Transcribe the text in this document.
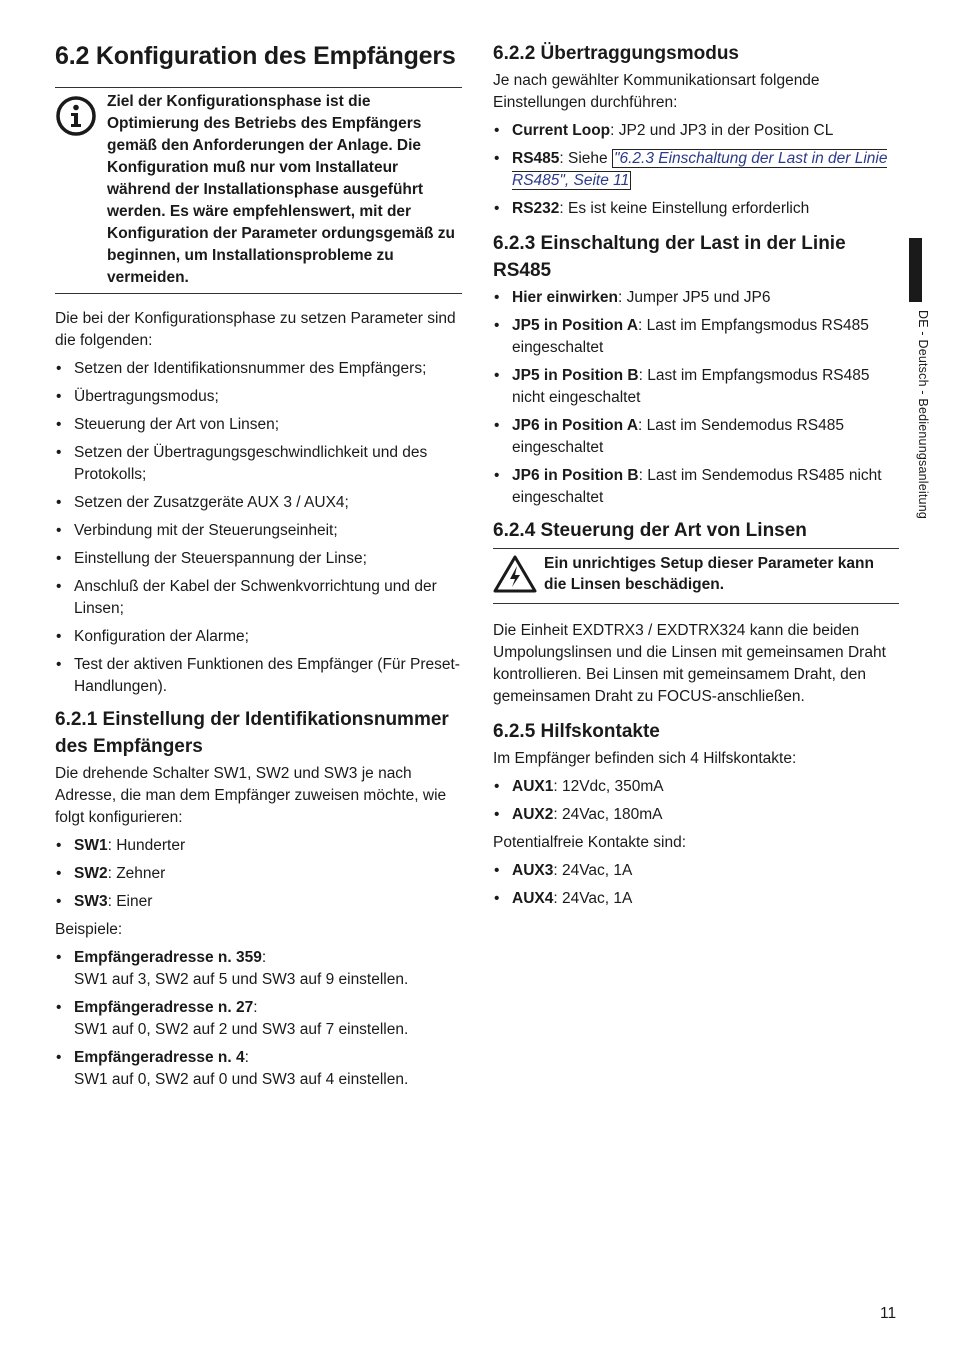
6.2 Konfiguration des Empfängers
Ziel der Konfigurationsphase ist die Optimierung des Betriebs des Empfängers gemäß den Anforderungen der Anlage. Die Konfiguration muß nur vom Installateur während der Installationsphase ausgeführt werden. Es wäre empfehlenswert, mit der Konfiguration der Parameter ordungsgemäß zu beginnen, um Installationsprobleme zu vermeiden.

Die bei der Konfigurationsphase zu setzen Parameter sind die folgenden:

• Setzen der Identifikationsnummer des Empfängers;
• Übertragungsmodus;
• Steuerung der Art von Linsen;
• Setzen der Übertragungsgeschwindlichkeit und des Protokolls;
• Setzen der Zusatzgeräte AUX 3 / AUX4;
• Verbindung mit der Steuerungseinheit;
• Einstellung der Steuerspannung der Linse;
• Anschluß der Kabel der Schwenkvorrichtung und der Linsen;
• Konfiguration der Alarme;
• Test der aktiven Funktionen des Empfänger (Für Preset-Handlungen).
6.2.1 Einstellung der Identifikationsnummer des Empfängers

Die drehende Schalter SW1, SW2 und SW3 je nach Adresse, die man dem Empfänger zuweisen möchte, wie folgt konfigurieren:

• SW1: Hunderter
• SW2: Zehner
• SW3: Einer

Beispiele:

• Empfängeradresse n. 359:
SW1 auf 3, SW2 auf 5 und SW3 auf 9 einstellen.
• Empfängeradresse n. 27:
SW1 auf 0, SW2 auf 2 und SW3 auf 7 einstellen.
• Empfängeradresse n. 4:
SW1 auf 0, SW2 auf 0 und SW3 auf 4 einstellen.
6.2.2 Übertraggungsmodus

Je nach gewählter Kommunikationsart folgende Einstellungen durchführen:

• Current Loop: JP2 und JP3 in der Position CL
• RS485: Siehe "6.2.3 Einschaltung der Last in der Linie RS485", Seite 11
• RS232: Es ist keine Einstellung erforderlich
6.2.3 Einschaltung der Last in der Linie RS485
• Hier einwirken: Jumper JP5 und JP6
• JP5 in Position A: Last im Empfangsmodus RS485 eingeschaltet
• JP5 in Position B: Last im Empfangsmodus RS485 nicht eingeschaltet
• JP6 in Position A: Last im Sendemodus RS485 eingeschaltet
• JP6 in Position B: Last im Sendemodus RS485 nicht eingeschaltet
6.2.4 Steuerung der Art von Linsen
Ein unrichtiges Setup dieser Parameter kann die Linsen beschädigen.

Die Einheit EXDTRX3 / EXDTRX324 kann die beiden Umpolungslinsen und die Linsen mit gemeinsamen Draht kontrollieren. Bei Linsen mit gemeinsamem Draht, den gemeinsamen Draht zu FOCUS-anschließen.

6.2.5 Hilfskontakte

Im Empfänger befinden sich 4 Hilfskontakte:

• AUX1: 12Vdc, 350mA
• AUX2: 24Vac, 180mA

Potentialfreie Kontakte sind:

• AUX3: 24Vac, 1A
• AUX4: 24Vac, 1A
DE - Deutsch - Bedienungsanleitung
11
